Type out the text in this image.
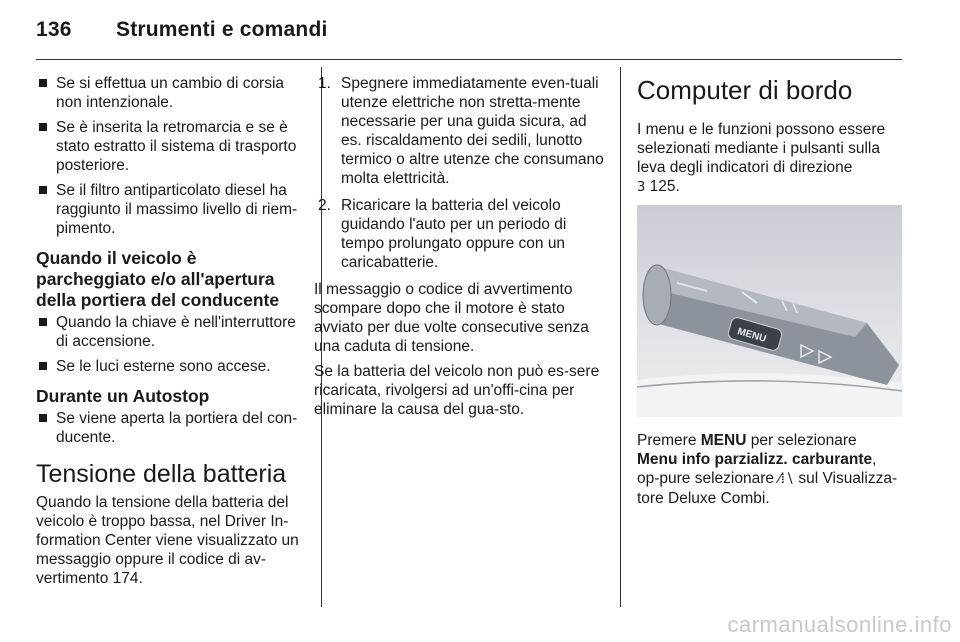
136 Strumenti e comandi
Se si effettua un cambio di corsia non intenzionale.
Se è inserita la retromarcia e se è stato estratto il sistema di trasporto posteriore.
Se il filtro antiparticolato diesel ha raggiunto il massimo livello di riem-pimento.
Quando il veicolo è parcheggiato e/o all'apertura della portiera del conducente
Quando la chiave è nell'interruttore di accensione.
Se le luci esterne sono accese.
Durante un Autostop
Se viene aperta la portiera del con-ducente.
Tensione della batteria

Quando la tensione della batteria del veicolo è troppo bassa, nel Driver In-formation Center viene visualizzato un messaggio oppure il codice di av-vertimento 174.

1. Spegnere immediatamente even-tuali utenze elettriche non stretta-mente necessarie per una guida sicura, ad es. riscaldamento dei sedili, lunotto termico o altre utenze che consumano molta elettricità.
2. Ricaricare la batteria del veicolo guidando l'auto per un periodo di tempo prolungato oppure con un caricabatterie.

Il messaggio o codice di avvertimento scompare dopo che il motore è stato avviato per due volte consecutive senza una caduta di tensione.

Se la batteria del veicolo non può es-sere ricaricata, rivolgersi ad un'offi-cina per eliminare la causa del gua-sto.

Computer di bordo

I menu e le funzioni possono essere selezionati mediante i pulsanti sulla leva degli indicatori di direzione
3 125.

MENU

Premere MENU per selezionare
Menu info parzializz. carburante, op-pure selezionare ⁄⁞∖ sul Visualizza-tore Deluxe Combi.

carmanualsonline.info
